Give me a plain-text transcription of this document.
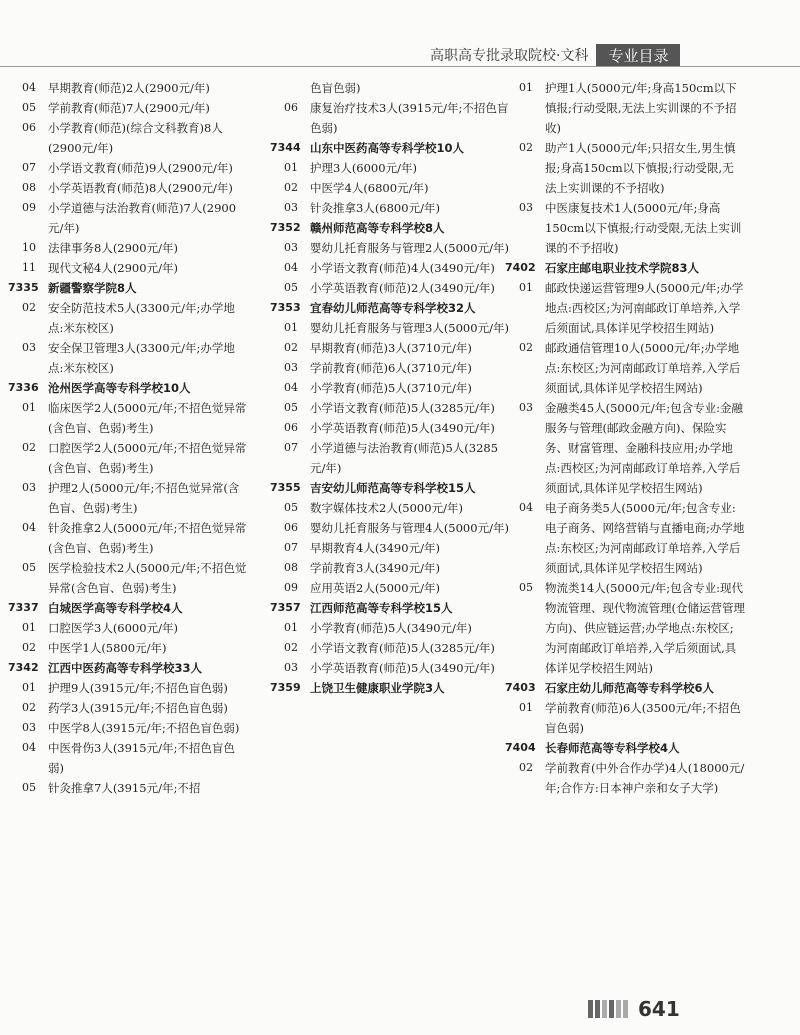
高职高专批录取院校·文科	专业目录
04	早期教育(师范)2人(2900元/年)
05	学前教育(师范)7人(2900元/年)
06	小学教育(师范)(综合文科教育)8人(2900元/年)
07	小学语文教育(师范)9人(2900元/年)
08	小学英语教育(师范)8人(2900元/年)
09	小学道德与法治教育(师范)7人(2900元/年)
10	法律事务8人(2900元/年)
11	现代文秘4人(2900元/年)
7335 新疆警察学院8人
02	安全防范技术5人(3300元/年;办学地点:米东校区)
03	安全保卫管理3人(3300元/年;办学地点:米东校区)
7336 沧州医学高等专科学校10人
01	临床医学2人(5000元/年;不招色觉异常(含色盲、色弱)考生)
02	口腔医学2人(5000元/年;不招色觉异常(含色盲、色弱)考生)
03	护理2人(5000元/年;不招色觉异常(含色盲、色弱)考生)
04	针灸推拿2人(5000元/年;不招色觉异常(含色盲、色弱)考生)
05	医学检验技术2人(5000元/年;不招色觉异常(含色盲、色弱)考生)
7337 白城医学高等专科学校4人
01	口腔医学3人(6000元/年)
02	中医学1人(5800元/年)
7342 江西中医药高等专科学校33人
01	护理9人(3915元/年;不招色盲色弱)
02	药学3人(3915元/年;不招色盲色弱)
03	中医学8人(3915元/年;不招色盲色弱)
04	中医骨伤3人(3915元/年;不招色盲色弱)
05	针灸推拿7人(3915元/年;不招
色盲色弱)
06	康复治疗技术3人(3915元/年;不招色盲色弱)
7344 山东中医药高等专科学校10人
01	护理3人(6000元/年)
02	中医学4人(6800元/年)
03	针灸推拿3人(6800元/年)
7352 赣州师范高等专科学校8人
03	婴幼儿托育服务与管理2人(5000元/年)
04	小学语文教育(师范)4人(3490元/年)
05	小学英语教育(师范)2人(3490元/年)
7353 宜春幼儿师范高等专科学校32人
01	婴幼儿托育服务与管理3人(5000元/年)
02	早期教育(师范)3人(3710元/年)
03	学前教育(师范)6人(3710元/年)
04	小学教育(师范)5人(3710元/年)
05	小学语文教育(师范)5人(3285元/年)
06	小学英语教育(师范)5人(3490元/年)
07	小学道德与法治教育(师范)5人(3285元/年)
7355 吉安幼儿师范高等专科学校15人
05	数字媒体技术2人(5000元/年)
06	婴幼儿托育服务与管理4人(5000元/年)
07	早期教育4人(3490元/年)
08	学前教育3人(3490元/年)
09	应用英语2人(5000元/年)
7357 江西师范高等专科学校15人
01	小学教育(师范)5人(3490元/年)
02	小学语文教育(师范)5人(3285元/年)
03	小学英语教育(师范)5人(3490元/年)
7359 上饶卫生健康职业学院3人
01	护理1人(5000元/年;身高150cm以下慎报;行动受限,无法上实训课的不予招收)
02	助产1人(5000元/年;只招女生,男生慎报;身高150cm以下慎报;行动受限,无法上实训课的不予招收)
03	中医康复技术1人(5000元/年;身高150cm以下慎报;行动受限,无法上实训课的不予招收)
7402 石家庄邮电职业技术学院83人
01	邮政快递运营管理9人(5000元/年;办学地点:西校区;为河南邮政订单培养,入学后须面试,具体详见学校招生网站)
02	邮政通信管理10人(5000元/年;办学地点:东校区;为河南邮政订单培养,入学后须面试,具体详见学校招生网站)
03	金融类45人(5000元/年;包含专业:金融服务与管理(邮政金融方向)、保险实务、财富管理、金融科技应用;办学地点:西校区;为河南邮政订单培养,入学后须面试,具体详见学校招生网站)
04	电子商务类5人(5000元/年;包含专业:电子商务、网络营销与直播电商;办学地点:东校区;为河南邮政订单培养,入学后须面试,具体详见学校招生网站)
05	物流类14人(5000元/年;包含专业:现代物流管理、现代物流管理(仓储运营管理方向)、供应链运营;办学地点:东校区;为河南邮政订单培养,入学后须面试,具体详见学校招生网站)
7403 石家庄幼儿师范高等专科学校6人
01	学前教育(师范)6人(3500元/年;不招色盲色弱)
7404 长春师范高等专科学校4人
02	学前教育(中外合作办学)4人(18000元/年;合作方:日本神户亲和女子大学)
641
